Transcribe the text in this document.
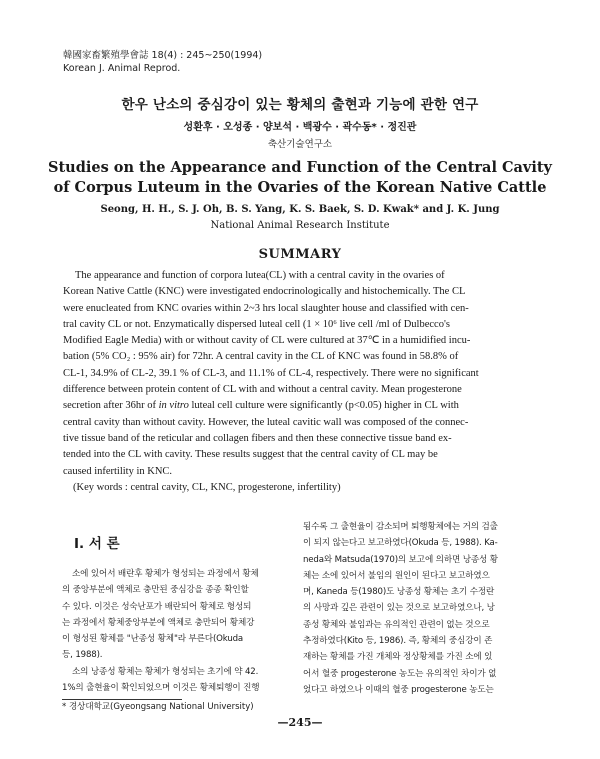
韓國家畜繁殖學會誌 18(4) : 245~250(1994)
Korean J. Animal Reprod.
한우 난소의 중심강이 있는 황체의 출현과 기능에 관한 연구
성환후 · 오성종 · 양보석 · 백광수 · 곽수동* · 정진관
축산기술연구소
Studies on the Appearance and Function of the Central Cavity
of Corpus Luteum in the Ovaries of the Korean Native Cattle
Seong, H. H., S. J. Oh, B. S. Yang, K. S. Baek, S. D. Kwak* and J. K. Jung
National Animal Research Institute
SUMMARY
The appearance and function of corpora lutea(CL) with a central cavity in the ovaries of
Korean Native Cattle (KNC) were investigated endocrinologically and histochemically. The CL
were enucleated from KNC ovaries within 2~3 hrs local slaughter house and classified with cen-
tral cavity CL or not. Enzymatically dispersed luteal cell (1 × 10⁶ live cell /ml of Dulbecco's
Modified Eagle Media) with or without cavity of CL were cultured at 37℃ in a humidified incu-
bation (5% CO₂ : 95% air) for 72hr. A central cavity in the CL of KNC was found in 58.8% of
CL-1, 34.9% of CL-2, 39.1 % of CL-3, and 11.1% of CL-4, respectively. There were no significant
difference between protein content of CL with and without a central cavity. Mean progesterone
secretion after 36hr of in vitro luteal cell culture were significantly (p<0.05) higher in CL with
central cavity than without cavity. However, the luteal cavitic wall was composed of the connec-
tive tissue band of the reticular and collagen fibers and then these connective tissue band ex-
tended into the CL with cavity. These results suggest that the central cavity of CL may be
caused infertility in KNC.
(Key words : central cavity, CL, KNC, progesterone, infertility)
I. 서 론
소에 있어서 배란후 황체가 형성되는 과정에서 황체
의 중앙부분에 액체로 충만된 중심강을 종종 확인할
수 있다. 이것은 성숙난포가 배란되어 황체로 형성되
는 과정에서 황체중앙부분에 액체로 충만되어 황체강
이 형성된 황체를 "난종성 황체"라 부른다(Okuda
등, 1988).
소의 낭종성 황체는 황체가 형성되는 초기에 약 42.
1%의 출현율이 확인되었으며 이것은 황체퇴행이 진행
됨수록 그 출현율이 감소되며 퇴행황체에는 거의 검출
이 되지 않는다고 보고하였다(Okuda 등, 1988). Ka-
neda와 Matsuda(1970)의 보고에 의하면 낭종성 황
체는 소에 있어서 불임의 원인이 된다고 보고하였으
며, Kaneda 등(1980)도 낭종성 황체는 초기 수정란
의 사망과 깊은 관련이 있는 것으로 보고하였으나, 낭
종성 황체와 불임과는 유의적인 관련이 없는 것으로
추정하였다(Kito 등, 1986). 즉, 황체의 중심강이 존
재하는 황체를 가진 개체와 정상황체를 가진 소에 있
어서 혈중 progesterone 농도는 유의적인 차이가 없
었다고 하였으나 이때의 혈중 progesterone 농도는
* 경상대학교(Gyeongsang National University)
—245—
